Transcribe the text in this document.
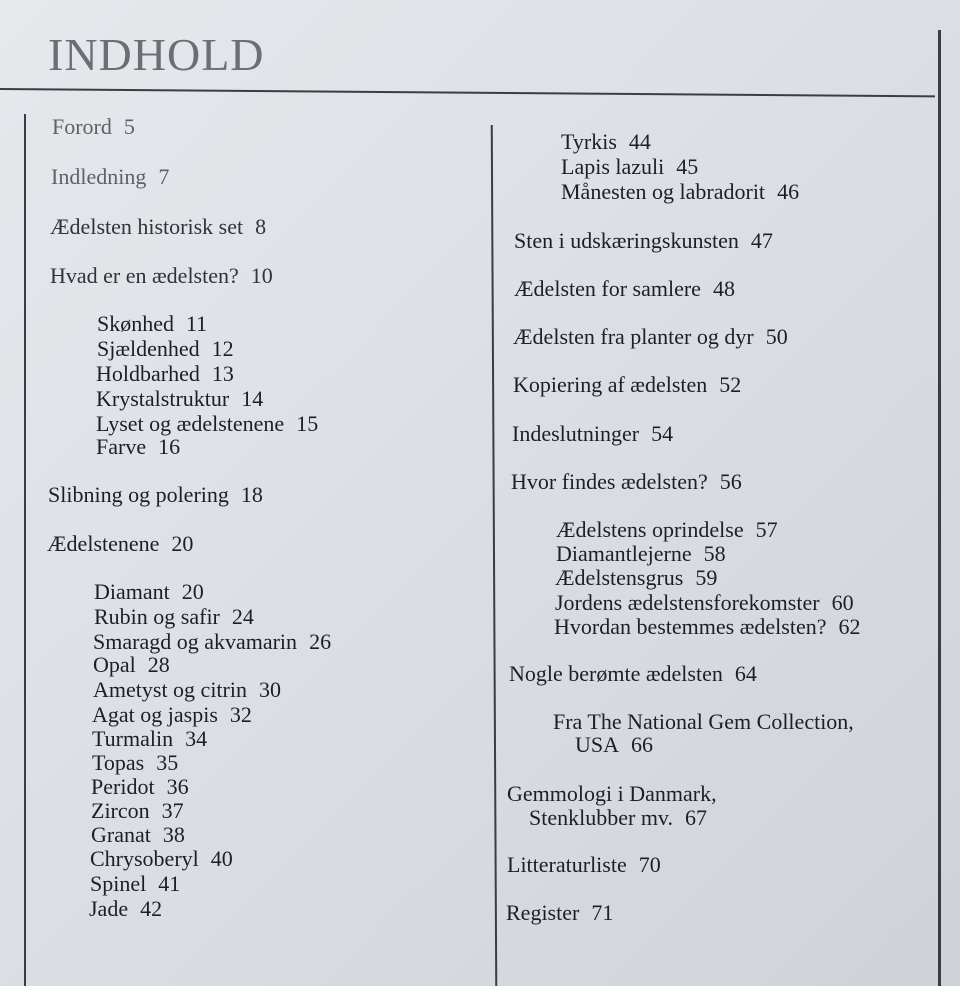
INDHOLD
Forord 5
Indledning 7
Ædelsten historisk set 8
Hvad er en ædelsten? 10
Skønhed 11
Sjældenhed 12
Holdbarhed 13
Krystalstruktur 14
Lyset og ædelstenene 15
Farve 16
Slibning og polering 18
Ædelstenene 20
Diamant 20
Rubin og safir 24
Smaragd og akvamarin 26
Opal 28
Ametyst og citrin 30
Agat og jaspis 32
Turmalin 34
Topas 35
Peridot 36
Zircon 37
Granat 38
Chrysoberyl 40
Spinel 41
Jade 42
Tyrkis 44
Lapis lazuli 45
Månesten og labradorit 46
Sten i udskæringskunsten 47
Ædelsten for samlere 48
Ædelsten fra planter og dyr 50
Kopiering af ædelsten 52
Indeslutninger 54
Hvor findes ædelsten? 56
Ædelstens oprindelse 57
Diamantlejerne 58
Ædelstensgrus 59
Jordens ædelstensforekomster 60
Hvordan bestemmes ædelsten? 62
Nogle berømte ædelsten 64
Fra The National Gem Collection,
USA 66
Gemmologi i Danmark,
Stenklubber mv. 67
Litteraturliste 70
Register 71
